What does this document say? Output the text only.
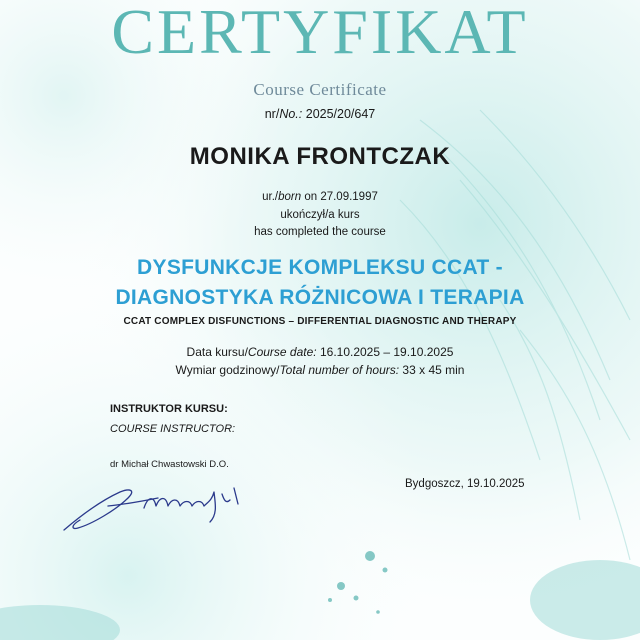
CERTYFIKAT
Course Certificate
nr/No.: 2025/20/647
MONIKA FRONTCZAK
ur./born on 27.09.1997
ukończył/a kurs
has completed the course
DYSFUNKCJE KOMPLEKSU CCAT -
DIAGNOSTYKA RÓŻNICOWA I TERAPIA
CCAT COMPLEX DISFUNCTIONS – DIFFERENTIAL DIAGNOSTIC AND THERAPY
Data kursu/Course date: 16.10.2025 – 19.10.2025
Wymiar godzinowy/Total number of hours: 33 x 45 min
INSTRUKTOR KURSU:
COURSE INSTRUCTOR:
dr Michał Chwastowski D.O.
Bydgoszcz, 19.10.2025
